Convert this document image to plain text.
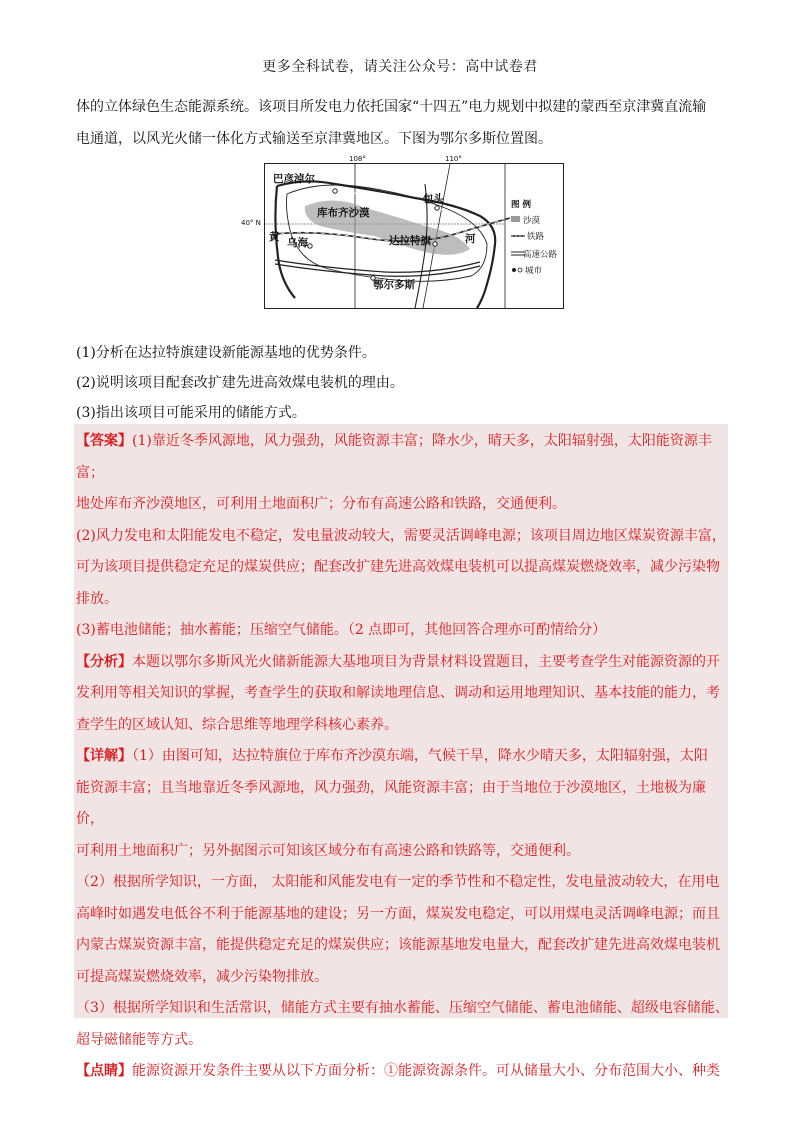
更多全科试卷，请关注公众号：高中试卷君

体的立体绿色生态能源系统。该项目所发电力依托国家“十四五”电力规划中拟建的蒙西至京津冀直流输

电通道，以风光火储一体化方式输送至京津冀地区。下图为鄂尔多斯位置图。

108°	110°
40° N
巴彦淖尔
库布齐沙漠
包头
黄 乌海	达拉特旗	河
鄂尔多斯
图 例
沙漠
铁路
高速公路
城市

(1)分析在达拉特旗建设新能源基地的优势条件。

(2)说明该项目配套改扩建先进高效煤电装机的理由。

(3)指出该项目可能采用的储能方式。

【答案】(1)靠近冬季风源地，风力强劲，风能资源丰富；降水少，晴天多，太阳辐射强，太阳能资源丰富；

地处库布齐沙漠地区，可利用土地面积广；分布有高速公路和铁路，交通便利。

(2)风力发电和太阳能发电不稳定，发电量波动较大，需要灵活调峰电源；该项目周边地区煤炭资源丰富，

可为该项目提供稳定充足的煤炭供应；配套改扩建先进高效煤电装机可以提高煤炭燃烧效率，减少污染物

排放。

(3)蓄电池储能；抽水蓄能；压缩空气储能。（2 点即可，其他回答合理亦可酌情给分）

【分析】本题以鄂尔多斯风光火储新能源大基地项目为背景材料设置题目，主要考查学生对能源资源的开

发利用等相关知识的掌握，考查学生的获取和解读地理信息、调动和运用地理知识、基本技能的能力，考

查学生的区域认知、综合思维等地理学科核心素养。

【详解】（1）由图可知，达拉特旗位于库布齐沙漠东端，气候干旱，降水少晴天多，太阳辐射强，太阳

能资源丰富；且当地靠近冬季风源地，风力强劲，风能资源丰富；由于当地位于沙漠地区，土地极为廉价，

可利用土地面积广；另外据图示可知该区域分布有高速公路和铁路等，交通便利。

（2）根据所学知识，一方面， 太阳能和风能发电有一定的季节性和不稳定性，发电量波动较大，在用电

高峰时如遇发电低谷不利于能源基地的建设；另一方面，煤炭发电稳定，可以用煤电灵活调峰电源；而且

内蒙古煤炭资源丰富，能提供稳定充足的煤炭供应；该能源基地发电量大，配套改扩建先进高效煤电装机

可提高煤炭燃烧效率，减少污染物排放。

（3）根据所学知识和生活常识，储能方式主要有抽水蓄能、压缩空气储能、蓄电池储能、超级电容储能、

超导磁储能等方式。

【点睛】能源资源开发条件主要从以下方面分析：①能源资源条件。可从储量大小、分布范围大小、种类
